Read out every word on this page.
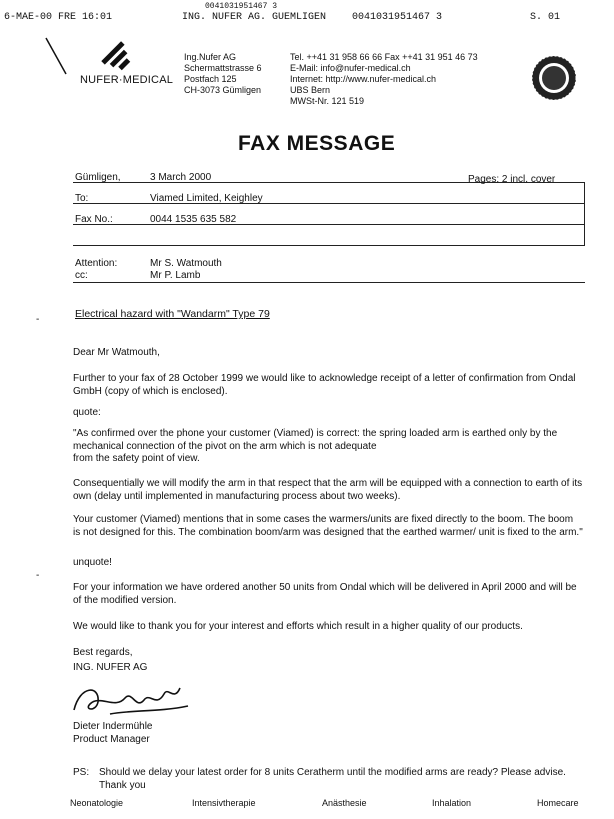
0041031951467 3
6-MAE-00 FRE 16:01	ING. NUFER AG. GUEMLIGEN	0041031951467 3	S. 01
NUFER·MEDICAL
Ing.Nufer AG
Schermattstrasse 6
Postfach 125
CH-3073 Gümligen
Tel. ++41 31 958 66 66 Fax ++41 31 951 46 73
E-Mail: info@nufer-medical.ch
Internet: http://www.nufer-medical.ch
UBS Bern
MWSt-Nr. 121 519
FAX MESSAGE
Gümligen,	3 March 2000	Pages: 2 incl. cover
To:	Viamed Limited, Keighley
Fax No.:	0044 1535 635 582
Attention:	Mr S. Watmouth
cc:	Mr P. Lamb
Electrical hazard with "Wandarm" Type 79
Dear Mr Watmouth,
Further to your fax of 28 October 1999 we would like to acknowledge receipt of a letter of confirmation from Ondal GmbH (copy of which is enclosed).
quote:
"As confirmed over the phone your customer (Viamed) is correct: the spring loaded arm is earthed only by the mechanical connection of the pivot on the arm which is not adequate
from the safety point of view.
Consequentially we will modify the arm in that respect that the arm will be equipped with a connection to earth of its own (delay until implemented in manufacturing process about two weeks).
Your customer (Viamed) mentions that in some cases the warmers/units are fixed directly to the boom. The boom is not designed for this. The combination boom/arm was designed that the earthed warmer/ unit is fixed to the arm."
unquote!
For your information we have ordered another 50 units from Ondal which will be delivered in April 2000 and will be of the modified version.
We would like to thank you for your interest and efforts which result in a higher quality of our products.
Best regards,
ING. NUFER AG
Dieter Indermühle
Product Manager
PS: Should we delay your latest order for 8 units Ceratherm until the modified arms are ready? Please advise. Thank you
Neonatologie	Intensivtherapie	Anästhesie	Inhalation	Homecare
-
-
